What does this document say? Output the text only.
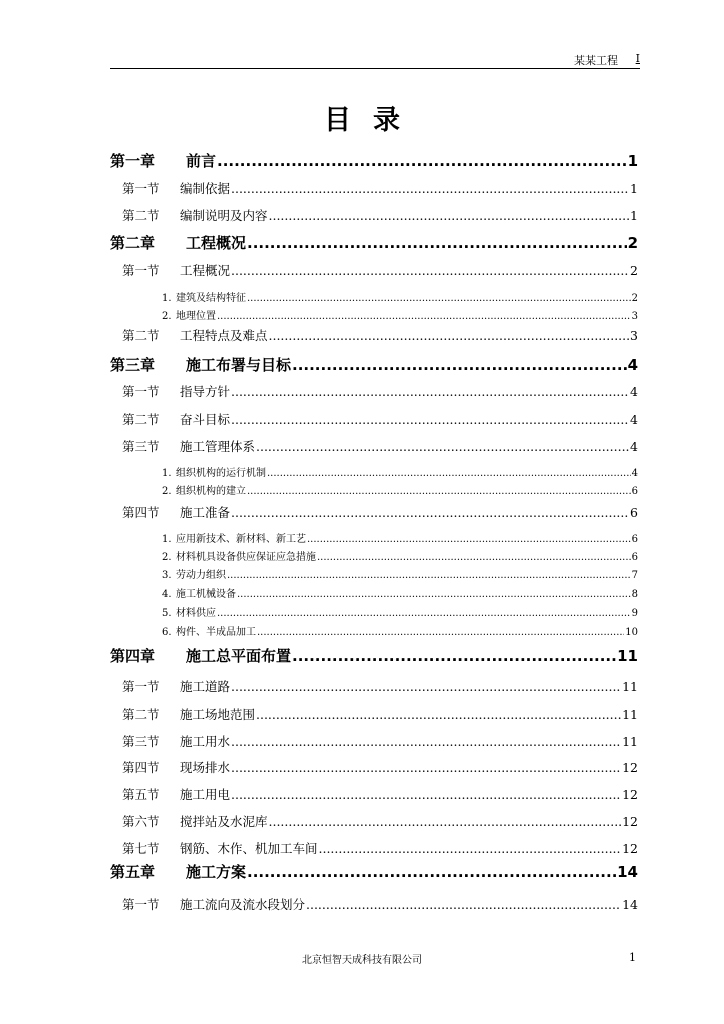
某某工程 I
目录
第一章	前言 .....	1
第一节	编制依据 .....	1
第二节	编制说明及内容 .....	1
第二章	工程概况 .....	2
第一节	工程概况 .....	2
1. 建筑及结构特征 .....	2
2. 地理位置 .....	3
第二节	工程特点及难点 .....	3
第三章	施工布署与目标 .....	4
第一节	指导方针 .....	4
第二节	奋斗目标 .....	4
第三节	施工管理体系 .....	4
1. 组织机构的运行机制 .....	4
2. 组织机构的建立 .....	6
第四节	施工准备 .....	6
1. 应用新技术、新材料、新工艺 .....	6
2. 材料机具设备供应保证应急措施 .....	6
3. 劳动力组织 .....	7
4. 施工机械设备 .....	8
5. 材料供应 .....	9
6. 构件、半成品加工 .....	10
第四章	施工总平面布置 .....	11
第一节	施工道路 .....	11
第二节	施工场地范围 .....	11
第三节	施工用水 .....	11
第四节	现场排水 .....	12
第五节	施工用电 .....	12
第六节	搅拌站及水泥库 .....	12
第七节	钢筋、木作、机加工车间 .....	12
第五章	施工方案 .....	14
第一节	施工流向及流水段划分 .....	14
北京恒智天成科技有限公司	1
